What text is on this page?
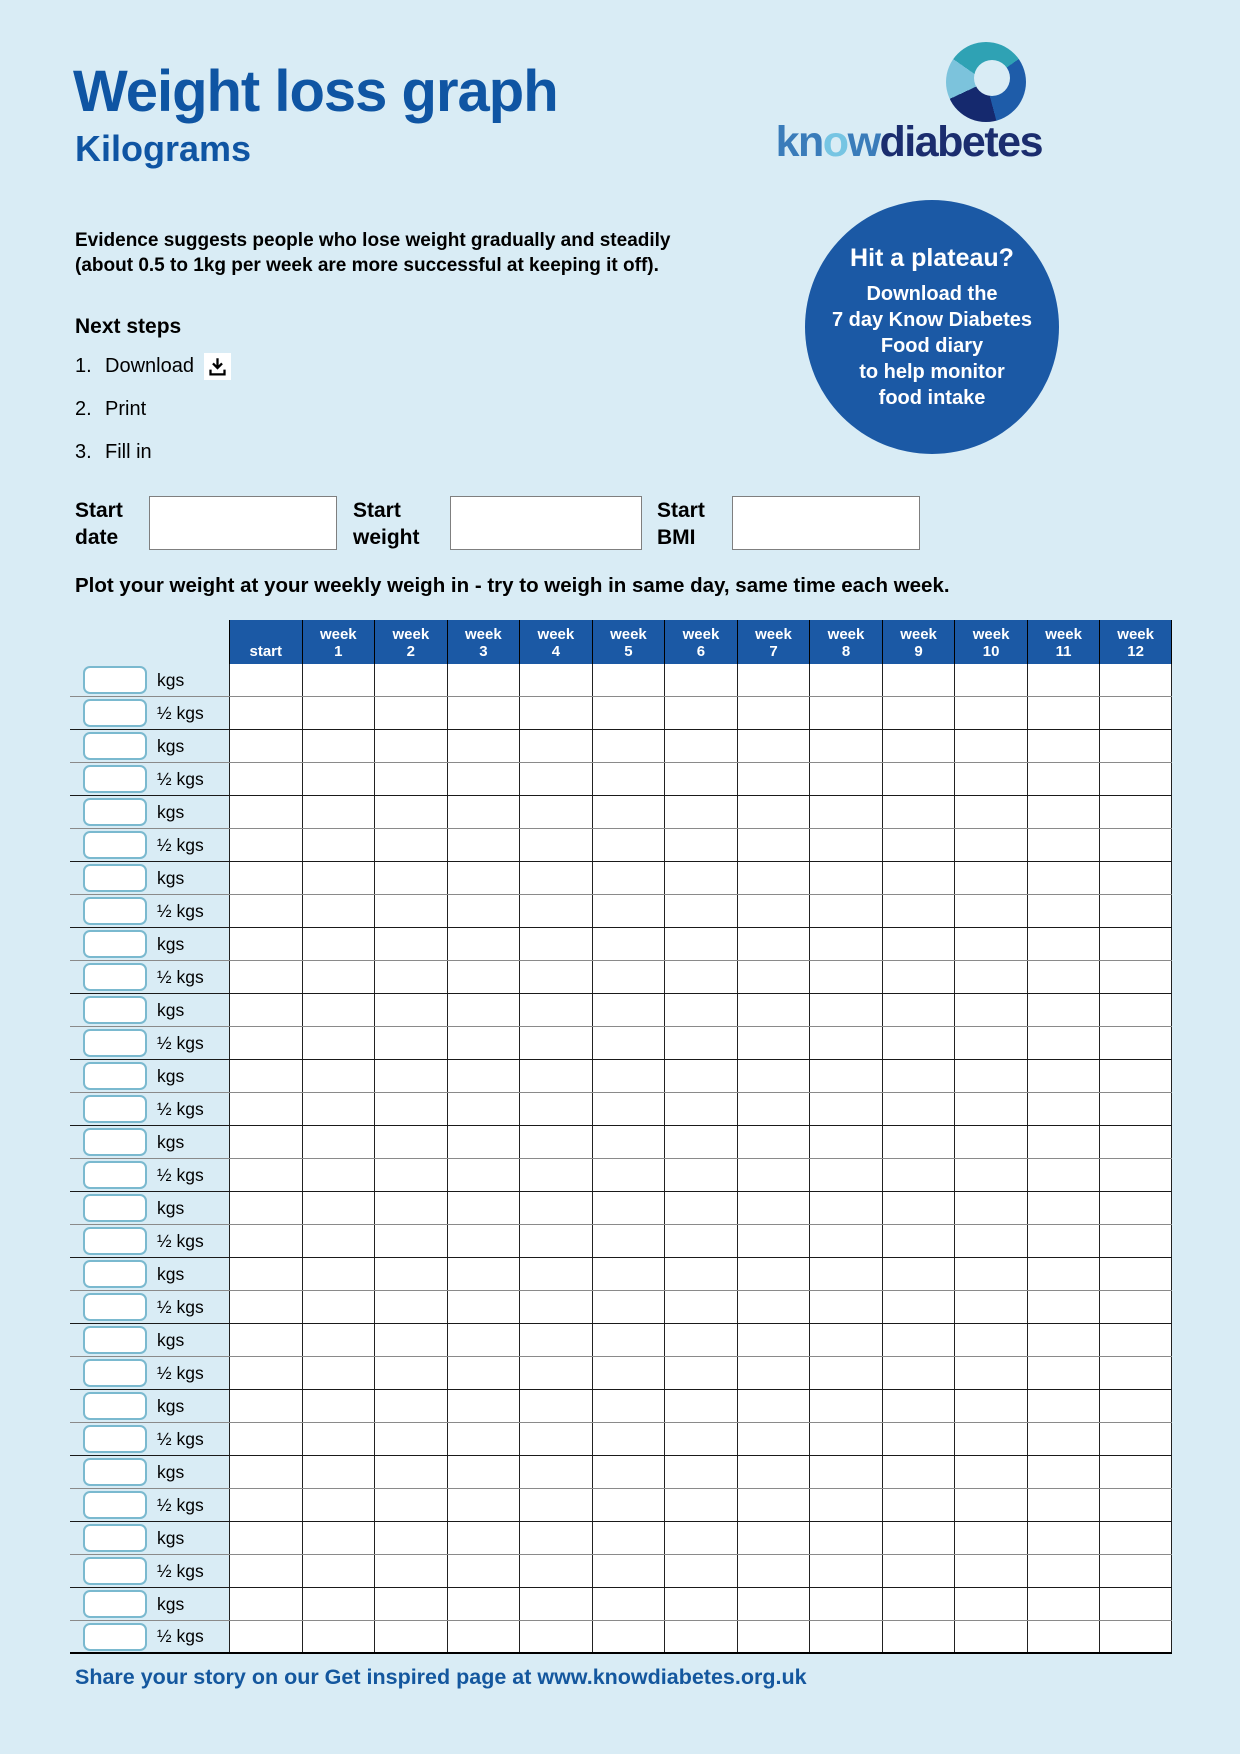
Weight loss graph
Kilograms	knowdiabetes
Evidence suggests people who lose weight gradually and steadily
(about 0.5 to 1kg per week are more successful at keeping it off).	Hit a plateau?
Download the
7 day Know Diabetes
Food diary
to help monitor
food intake
Next steps
1. Download
2. Print
3. Fill in
Start
date
Start
weight
Start
BMI
Plot your weight at your weekly weigh in - try to weigh in same day, same time each week.
start
week
1
week
2
week
3
week
4
week
5
week
6
week
7
week
8
week
9
week
10
week
11
week
12
kgs
½ kgs
kgs
½ kgs
kgs
½ kgs
kgs
½ kgs
kgs
½ kgs
kgs
½ kgs
kgs
½ kgs
kgs
½ kgs
kgs
½ kgs
kgs
½ kgs
kgs
½ kgs
kgs
½ kgs
kgs
½ kgs
kgs
½ kgs
kgs
½ kgs
Share your story on our Get inspired page at www.knowdiabetes.org.uk
